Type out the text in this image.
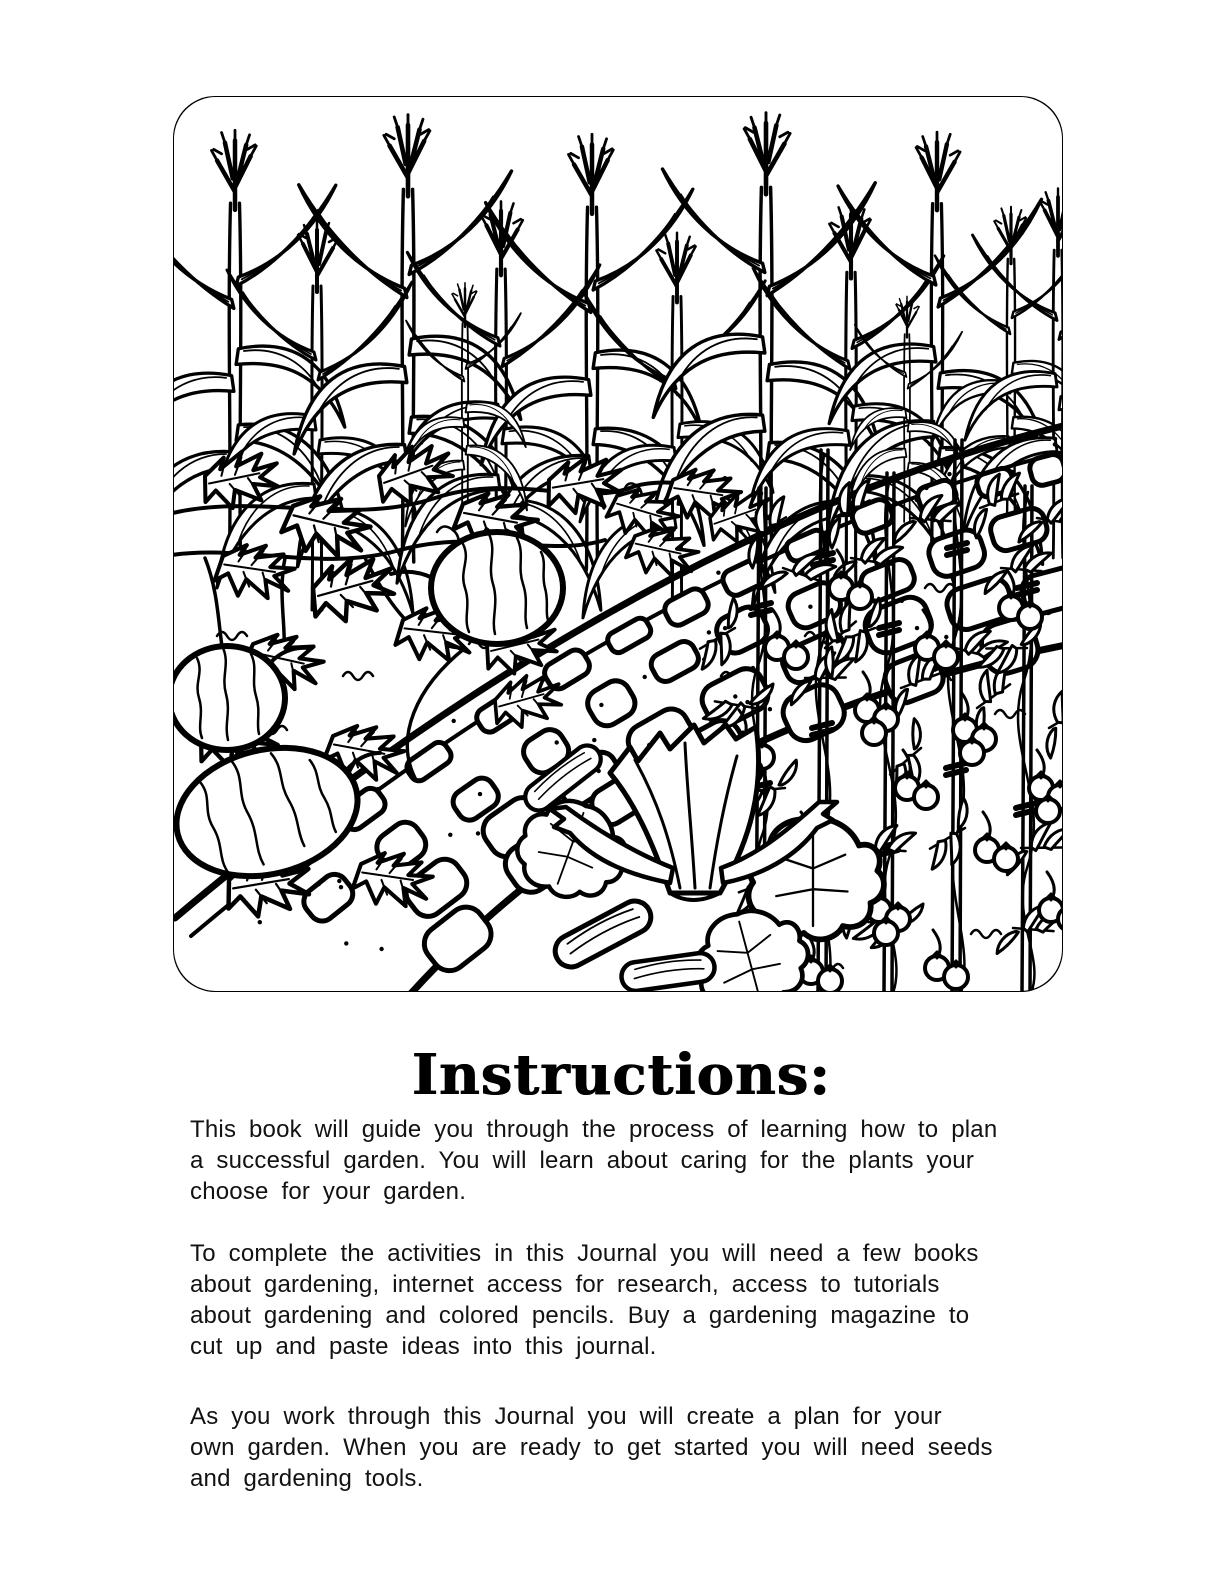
Instructions:

This book will guide you through the process of learning how to plan
a successful garden. You will learn about caring for the plants your
choose for your garden.

To complete the activities in this Journal you will need a few books
about gardening, internet access for research, access to tutorials
about gardening and colored pencils. Buy a gardening magazine to
cut up and paste ideas into this journal.

As you work through this Journal you will create a plan for your
own garden. When you are ready to get started you will need seeds
and gardening tools.
